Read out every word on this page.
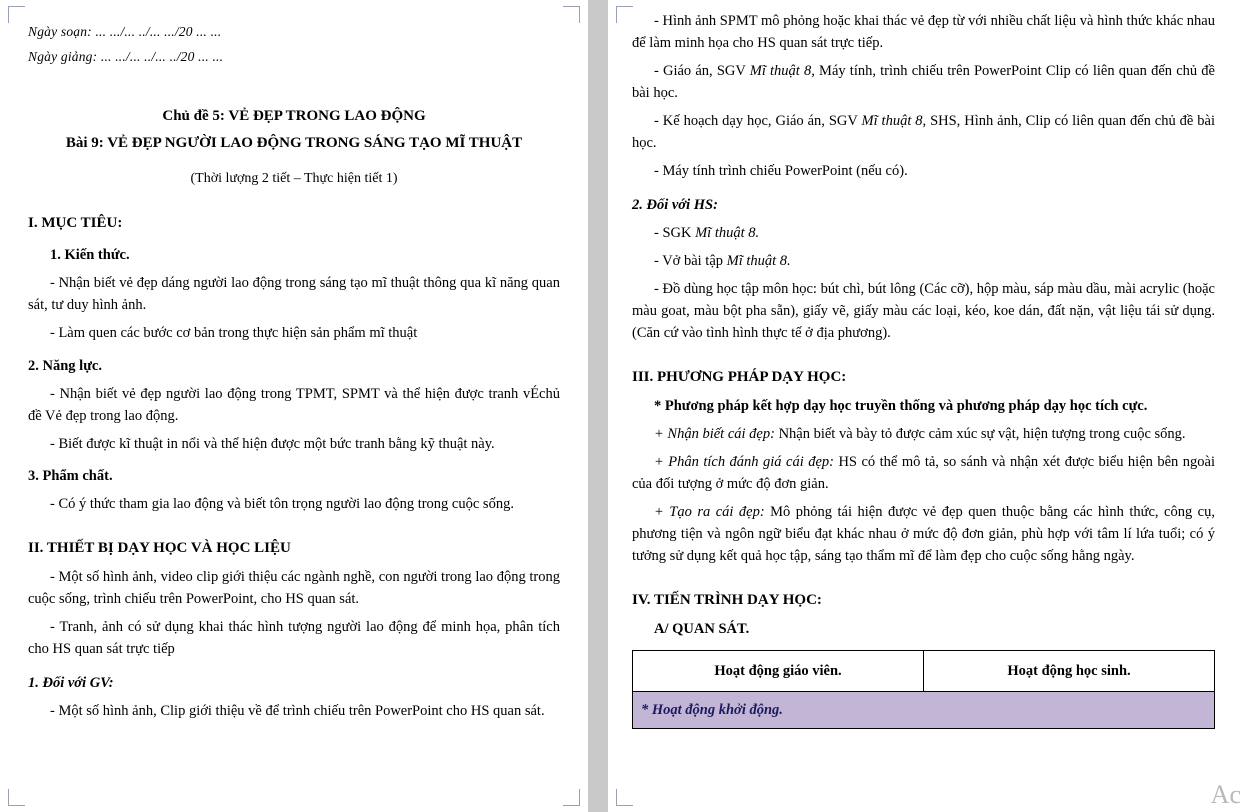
Ngày soạn: ... .../... ../... .../20 ... ...

Ngày giảng: ... .../... ../... ../20 ... ...

Chủ đề 5: VẺ ĐẸP TRONG LAO ĐỘNG

Bài 9: VẺ ĐẸP NGƯỜI LAO ĐỘNG TRONG SÁNG TẠO MĨ THUẬT

(Thời lượng 2 tiết – Thực hiện tiết 1)

I. MỤC TIÊU:

1. Kiến thức.

- Nhận biết vẻ đẹp dáng người lao động trong sáng tạo mĩ thuật thông qua kĩ năng quan sát, tư duy hình ảnh.

- Làm quen các bước cơ bản trong thực hiện sản phẩm mĩ thuật

2. Năng lực.

- Nhận biết vẻ đẹp người lao động trong TPMT, SPMT và thể hiện được tranh vÉchủ đề Vẻ đẹp trong lao động.

- Biết được kĩ thuật in nổi và thể hiện được một bức tranh bằng kỹ thuật này.

3. Phẩm chất.

- Có ý thức tham gia lao động và biết tôn trọng người lao động trong cuộc sống.

II. THIẾT BỊ DẠY HỌC VÀ HỌC LIỆU

- Một số hình ảnh, video clip giới thiệu các ngành nghề, con người trong lao động trong cuộc sống, trình chiếu trên PowerPoint, cho HS quan sát.

- Tranh, ảnh có sử dụng khai thác hình tượng người lao động để minh họa, phân tích cho HS quan sát trực tiếp

1. Đối với GV:

- Một số hình ảnh, Clip giới thiệu về để trình chiếu trên PowerPoint cho HS quan sát.

- Hình ảnh SPMT mô phỏng hoặc khai thác vẻ đẹp từ với nhiều chất liệu và hình thức khác nhau để làm minh họa cho HS quan sát trực tiếp.

- Giáo án, SGV Mĩ thuật 8, Máy tính, trình chiếu trên PowerPoint Clip có liên quan đến chủ đề bài học.

- Kế hoạch dạy học, Giáo án, SGV Mĩ thuật 8, SHS, Hình ảnh, Clip có liên quan đến chủ đề bài học.

- Máy tính trình chiếu PowerPoint (nếu có).

2. Đối với HS:

- SGK Mĩ thuật 8.

- Vở bài tập Mĩ thuật 8.

- Đồ dùng học tập môn học: bút chì, bút lông (Các cỡ), hộp màu, sáp màu dầu, mài acrylic (hoặc màu goat, màu bột pha sẵn), giấy vẽ, giấy màu các loại, kéo, koe dán, đất nặn, vật liệu tái sử dụng. (Căn cứ vào tình hình thực tế ở địa phương).

III. PHƯƠNG PHÁP DẠY HỌC:

* Phương pháp kết hợp dạy học truyền thống và phương pháp dạy học tích cực.

+ Nhận biết cái đẹp: Nhận biết và bày tỏ được cảm xúc sự vật, hiện tượng trong cuộc sống.

+ Phân tích đánh giá cái đẹp: HS có thể mô tả, so sánh và nhận xét được biểu hiện bên ngoài của đối tượng ở mức độ đơn giản.

+ Tạo ra cái đẹp: Mô phỏng tái hiện được vẻ đẹp quen thuộc bằng các hình thức, công cụ, phương tiện và ngôn ngữ biểu đạt khác nhau ở mức độ đơn giản, phù hợp với tâm lí lứa tuổi; có ý tưởng sử dụng kết quả học tập, sáng tạo thẩm mĩ để làm đẹp cho cuộc sống hằng ngày.

IV. TIẾN TRÌNH DẠY HỌC:

A/ QUAN SÁT.

Hoạt động giáo viên.	Hoạt động học sinh.
* Hoạt động khởi động.
Ac
